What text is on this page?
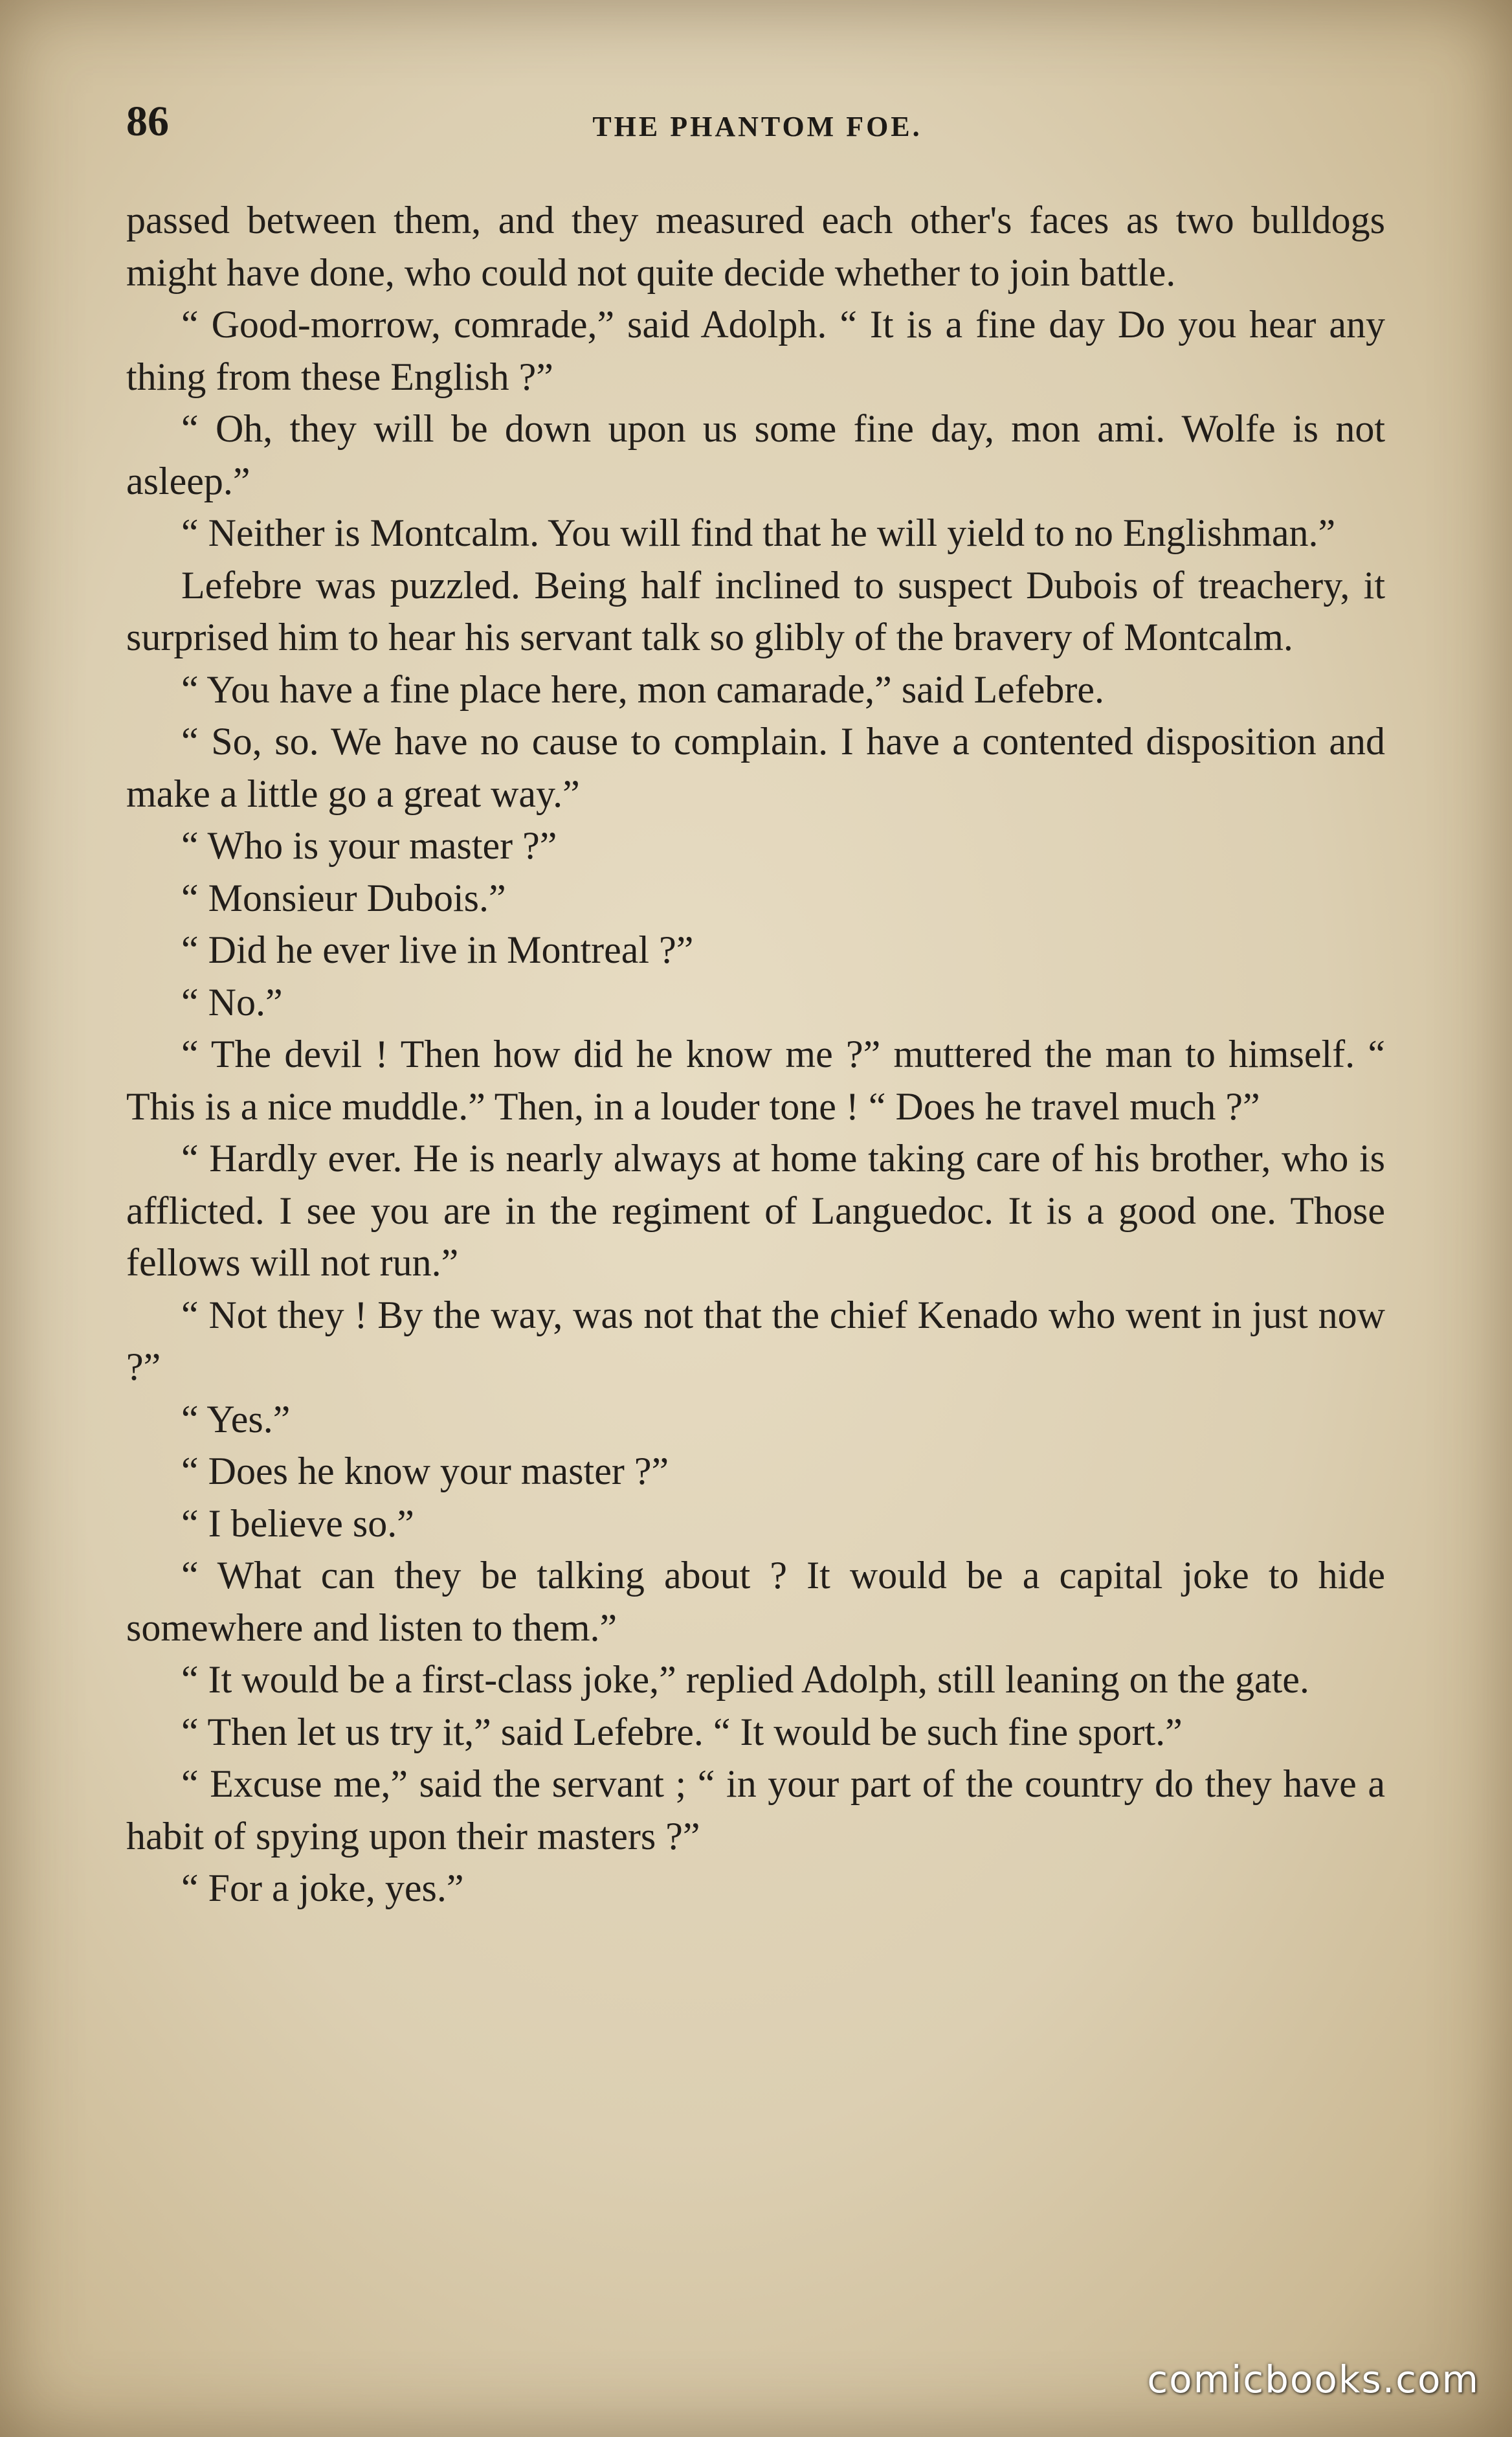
86	THE PHANTOM FOE.

passed between them, and they measured each other's faces as two bulldogs might have done, who could not quite decide whether to join battle.

“ Good-morrow, comrade,” said Adolph. “ It is a fine day Do you hear any thing from these English ?”

“ Oh, they will be down upon us some fine day, mon ami. Wolfe is not asleep.”

“ Neither is Montcalm. You will find that he will yield to no Englishman.”

Lefebre was puzzled. Being half inclined to suspect Dubois of treachery, it surprised him to hear his servant talk so glibly of the bravery of Montcalm.

“ You have a fine place here, mon camarade,” said Lefebre.

“ So, so. We have no cause to complain. I have a contented disposition and make a little go a great way.”

“ Who is your master ?”

“ Monsieur Dubois.”

“ Did he ever live in Montreal ?”

“ No.”

“ The devil ! Then how did he know me ?” muttered the man to himself. “ This is a nice muddle.” Then, in a louder tone ! “ Does he travel much ?”

“ Hardly ever. He is nearly always at home taking care of his brother, who is afflicted. I see you are in the regiment of Languedoc. It is a good one. Those fellows will not run.”

“ Not they ! By the way, was not that the chief Kenado who went in just now ?”

“ Yes.”

“ Does he know your master ?”

“ I believe so.”

“ What can they be talking about ? It would be a capital joke to hide somewhere and listen to them.”

“ It would be a first-class joke,” replied Adolph, still leaning on the gate.

“ Then let us try it,” said Lefebre. “ It would be such fine sport.”

“ Excuse me,” said the servant ; “ in your part of the country do they have a habit of spying upon their masters ?”

“ For a joke, yes.”

comicbooks.com
